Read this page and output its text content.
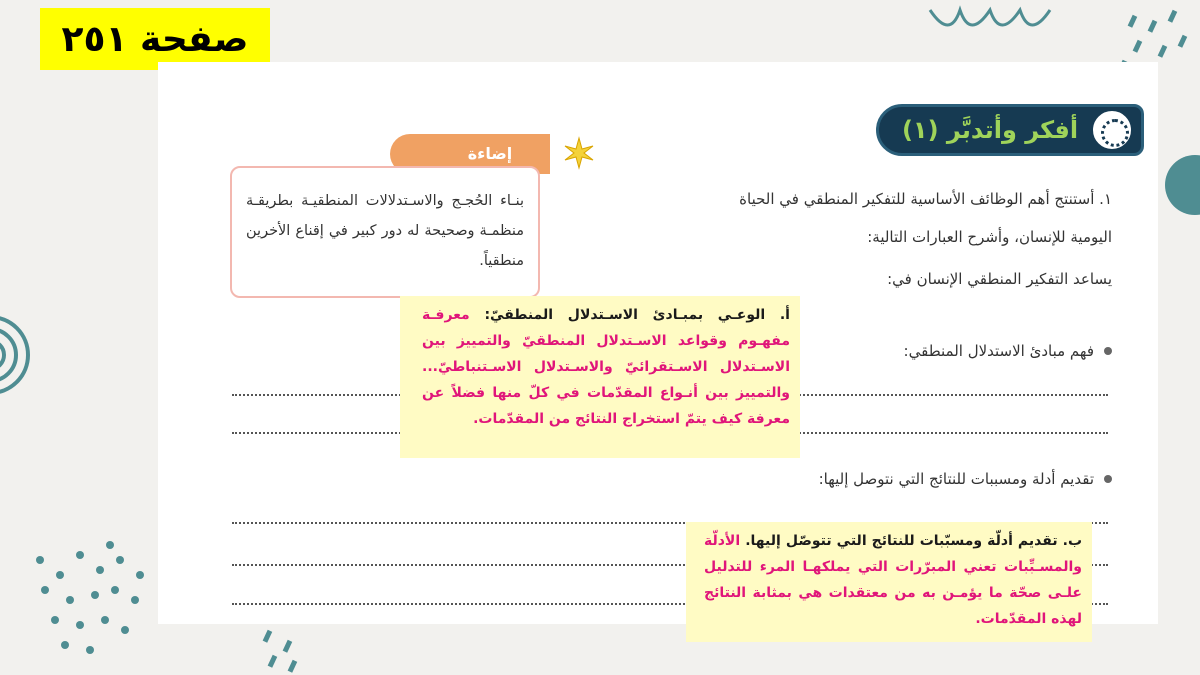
صفحة ٢٥١
أفكر وأتدبَّر (١)
إضاءة
بنـاء الحُجـج والاسـتدلالات المنطقيـة بطريقـة منظمـة وصحيحة له دور كبير في إقناع الأخرين منطقياً.
١. أستنتج أهم الوظائف الأساسية للتفكير المنطقي في الحياة
اليومية للإنسان، وأشرح العبارات التالية:
يساعد التفكير المنطقي الإنسان في:
فهم مبادئ الاستدلال المنطقي:
تقديم أدلة ومسببات للنتائج التي نتوصل إليها:
أ. الوعـي بمبـادئ الاسـتدلال المنطقيّ: معرفـة مفهـوم وقواعد الاسـتدلال المنطقيّ والتمييز بين الاسـتدلال الاسـتقرائيّ والاسـتدلال الاسـتنباطيّ... والتمييز بين أنـواع المقدّمات في كلّ منها فضلاً عن معرفة كيف يتمّ استخراج النتائج من المقدّمات.
ب. تقديم أدلّة ومسبّبات للنتائج التي تتوصّل إليها. الأدلّة والمسـبِّبات تعني المبرّرات التي يملكهـا المرء للتدليل علـى صحّة ما يؤمـن به من معتقدات هي بمثابة النتائج لهذه المقدّمات.
